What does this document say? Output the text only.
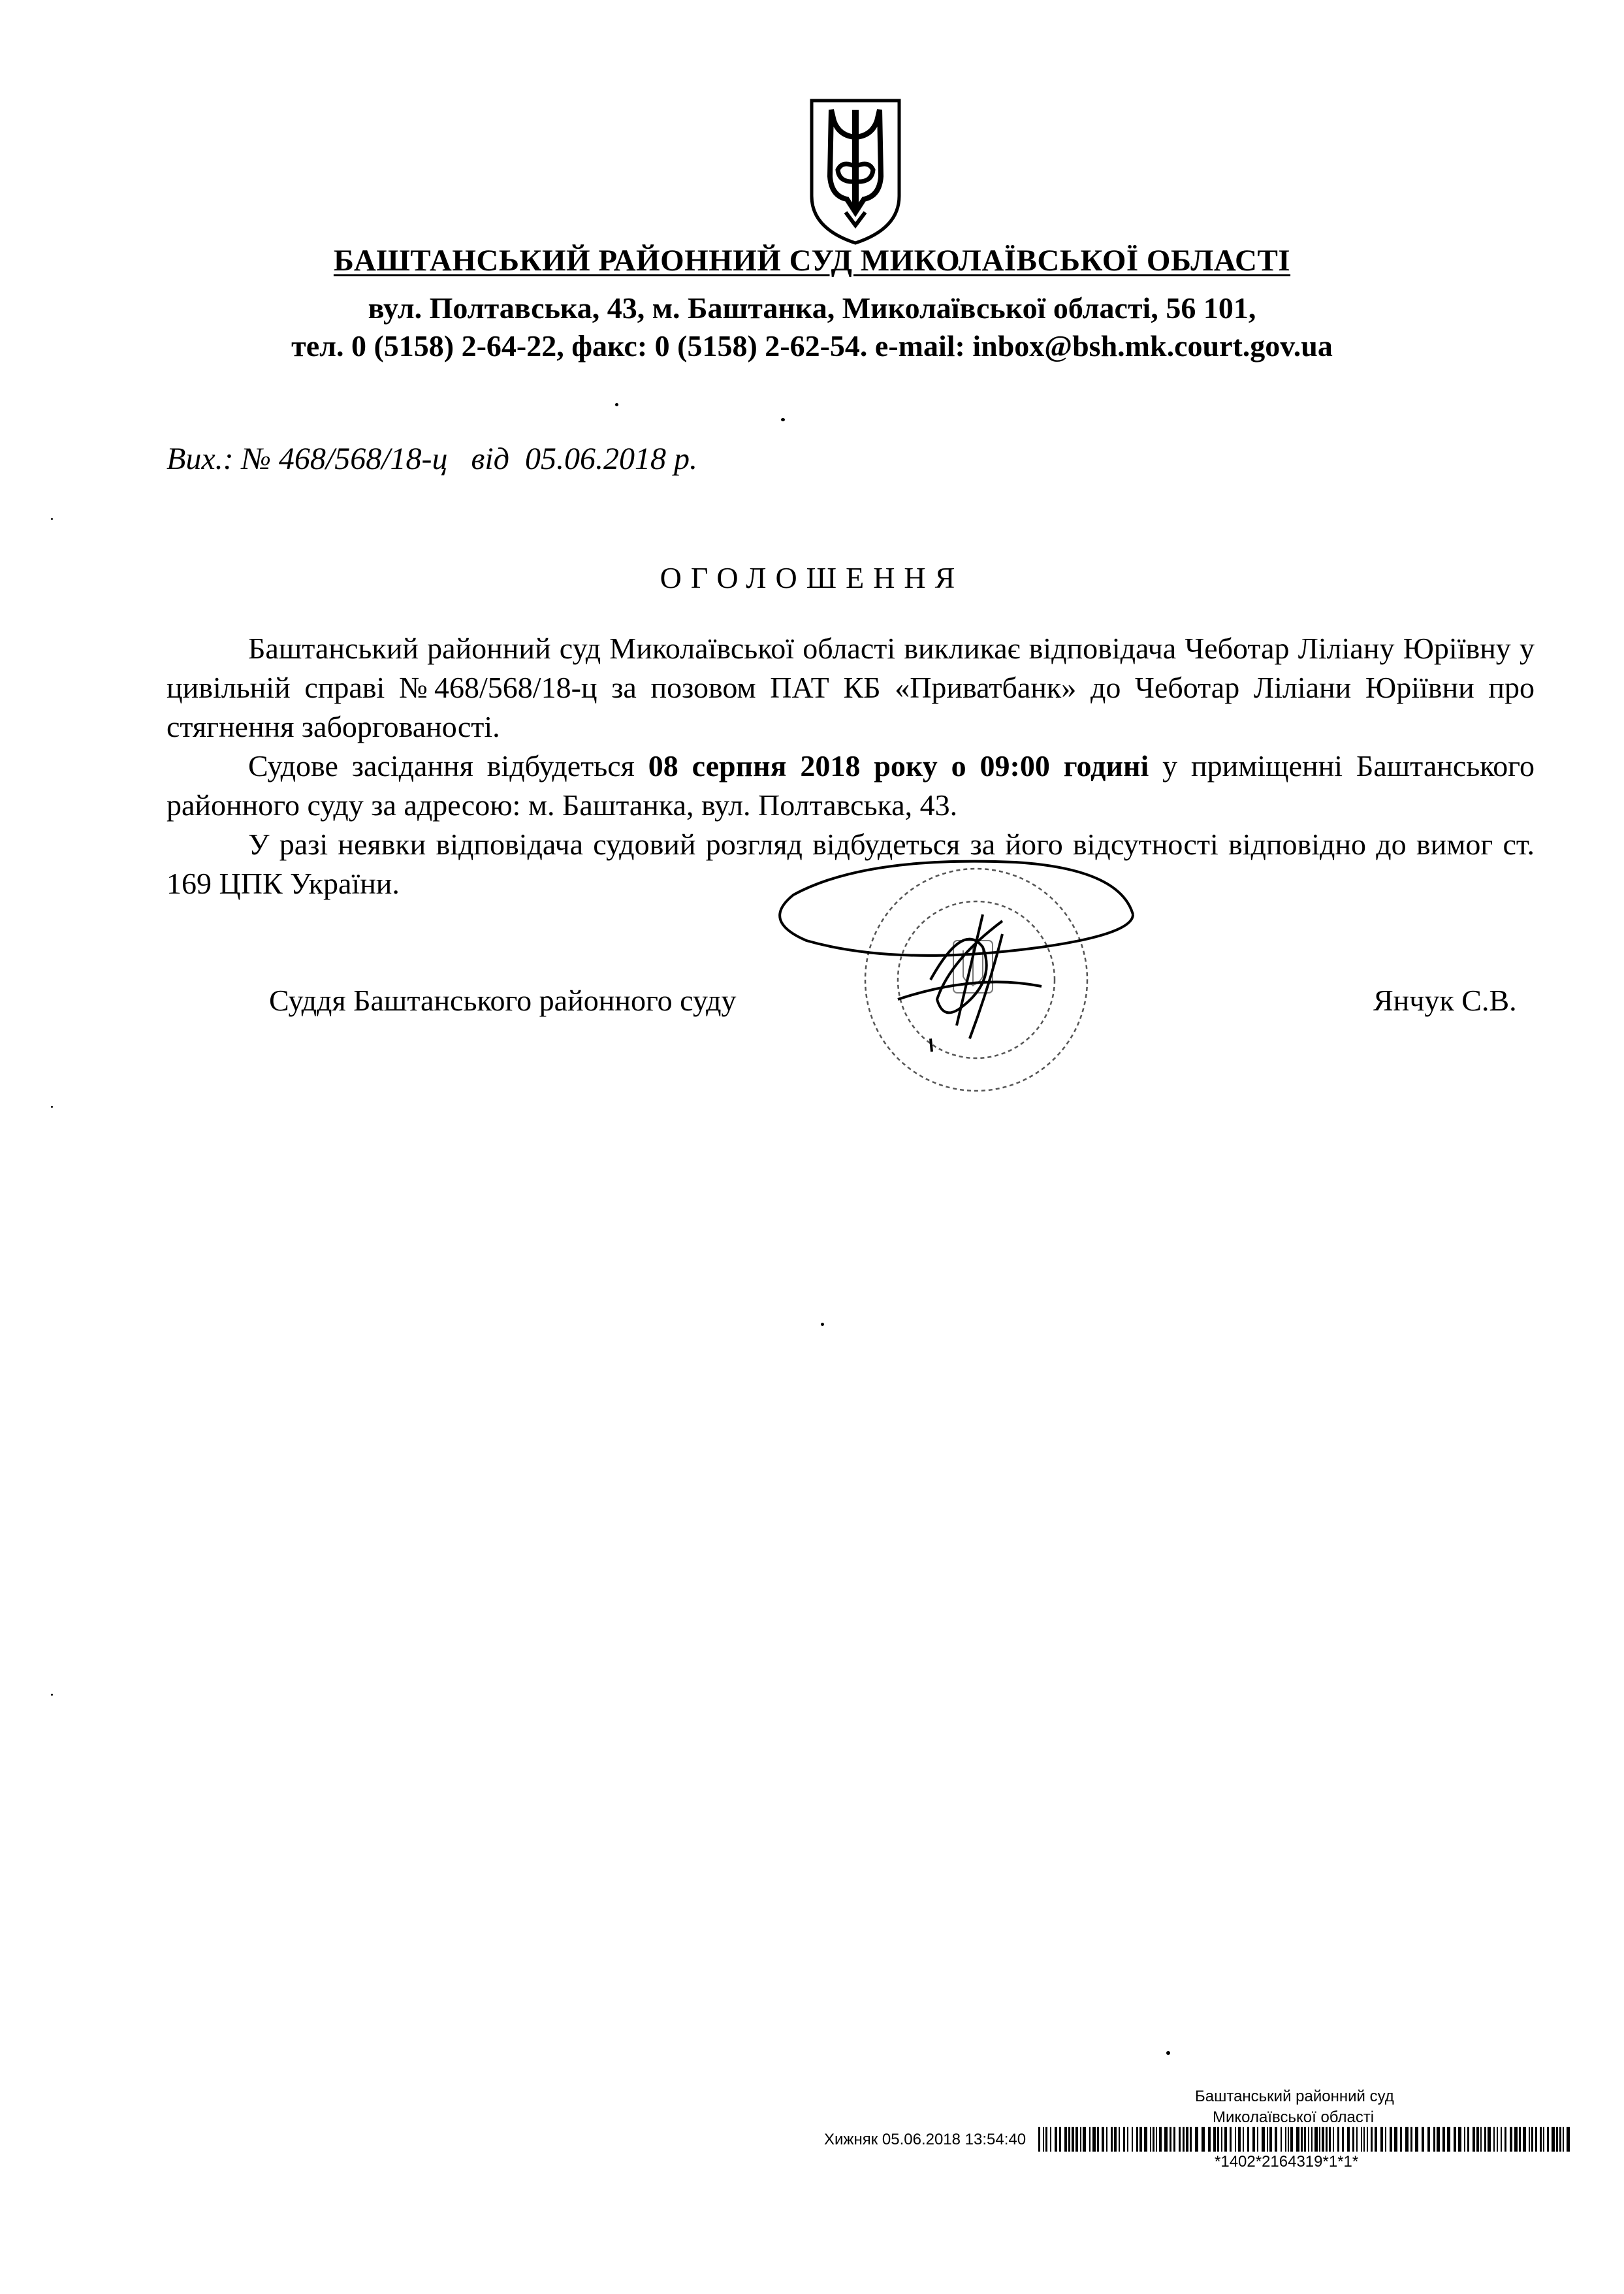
БАШТАНСЬКИЙ РАЙОННИЙ СУД МИКОЛАЇВСЬКОЇ ОБЛАСТІ
вул. Полтавська, 43, м. Баштанка, Миколаївської області, 56 101,
тел. 0 (5158) 2-64-22, факс: 0 (5158) 2-62-54. e-mail: inbox@bsh.mk.court.gov.ua
Вих.: № 468/568/18-ц   від  05.06.2018 р.
ОГОЛОШЕННЯ

Баштанський районний суд Миколаївської області викликає відповідача Чеботар Ліліану Юріївну у цивільній справі №468/568/18-ц за позовом ПАТ КБ «Приватбанк» до Чеботар Ліліани Юріївни про стягнення заборгованості.

Судове засідання відбудеться 08 серпня 2018 року о 09:00 годині у приміщенні Баштанського районного суду за адресою: м. Баштанка, вул. Полтавська, 43.

У разі неявки відповідача судовий розгляд відбудеться за його відсутності відповідно до вимог ст. 169 ЦПК України.

Суддя Баштанського районного суду	Янчук С.В.
Баштанський районний суд
Миколаївської області
Хижняк 05.06.2018 13:54:40
*1402*2164319*1*1*
